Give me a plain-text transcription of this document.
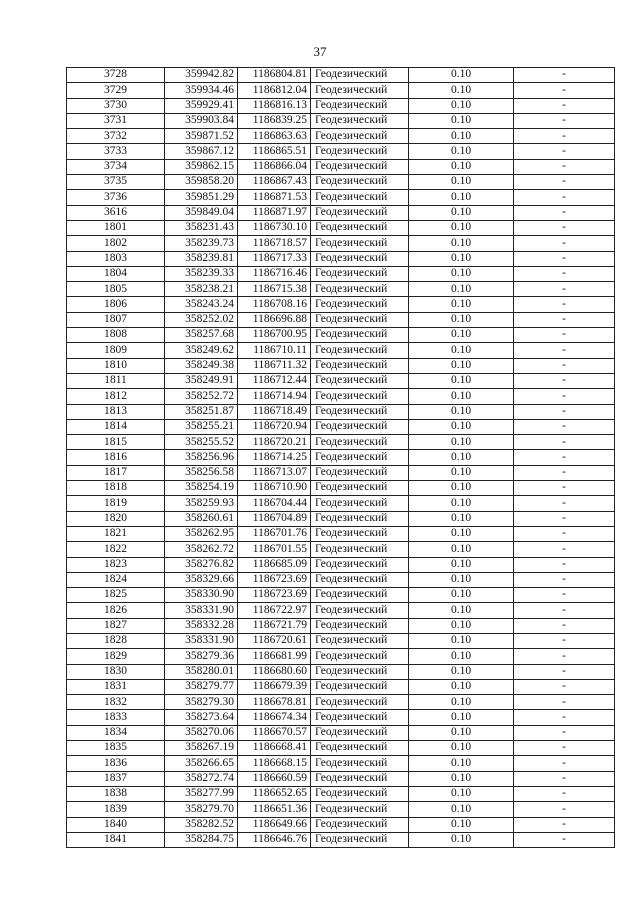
37
3728	359942.82	1186804.81	Геодезический	0.10	-
3729	359934.46	1186812.04	Геодезический	0.10	-
3730	359929.41	1186816.13	Геодезический	0.10	-
3731	359903.84	1186839.25	Геодезический	0.10	-
3732	359871.52	1186863.63	Геодезический	0.10	-
3733	359867.12	1186865.51	Геодезический	0.10	-
3734	359862.15	1186866.04	Геодезический	0.10	-
3735	359858.20	1186867.43	Геодезический	0.10	-
3736	359851.29	1186871.53	Геодезический	0.10	-
3616	359849.04	1186871.97	Геодезический	0.10	-
1801	358231.43	1186730.10	Геодезический	0.10	-
1802	358239.73	1186718.57	Геодезический	0.10	-
1803	358239.81	1186717.33	Геодезический	0.10	-
1804	358239.33	1186716.46	Геодезический	0.10	-
1805	358238.21	1186715.38	Геодезический	0.10	-
1806	358243.24	1186708.16	Геодезический	0.10	-
1807	358252.02	1186696.88	Геодезический	0.10	-
1808	358257.68	1186700.95	Геодезический	0.10	-
1809	358249.62	1186710.11	Геодезический	0.10	-
1810	358249.38	1186711.32	Геодезический	0.10	-
1811	358249.91	1186712.44	Геодезический	0.10	-
1812	358252.72	1186714.94	Геодезический	0.10	-
1813	358251.87	1186718.49	Геодезический	0.10	-
1814	358255.21	1186720.94	Геодезический	0.10	-
1815	358255.52	1186720.21	Геодезический	0.10	-
1816	358256.96	1186714.25	Геодезический	0.10	-
1817	358256.58	1186713.07	Геодезический	0.10	-
1818	358254.19	1186710.90	Геодезический	0.10	-
1819	358259.93	1186704.44	Геодезический	0.10	-
1820	358260.61	1186704.89	Геодезический	0.10	-
1821	358262.95	1186701.76	Геодезический	0.10	-
1822	358262.72	1186701.55	Геодезический	0.10	-
1823	358276.82	1186685.09	Геодезический	0.10	-
1824	358329.66	1186723.69	Геодезический	0.10	-
1825	358330.90	1186723.69	Геодезический	0.10	-
1826	358331.90	1186722.97	Геодезический	0.10	-
1827	358332.28	1186721.79	Геодезический	0.10	-
1828	358331.90	1186720.61	Геодезический	0.10	-
1829	358279.36	1186681.99	Геодезический	0.10	-
1830	358280.01	1186680.60	Геодезический	0.10	-
1831	358279.77	1186679.39	Геодезический	0.10	-
1832	358279.30	1186678.81	Геодезический	0.10	-
1833	358273.64	1186674.34	Геодезический	0.10	-
1834	358270.06	1186670.57	Геодезический	0.10	-
1835	358267.19	1186668.41	Геодезический	0.10	-
1836	358266.65	1186668.15	Геодезический	0.10	-
1837	358272.74	1186660.59	Геодезический	0.10	-
1838	358277.99	1186652.65	Геодезический	0.10	-
1839	358279.70	1186651.36	Геодезический	0.10	-
1840	358282.52	1186649.66	Геодезический	0.10	-
1841	358284.75	1186646.76	Геодезический	0.10	-
